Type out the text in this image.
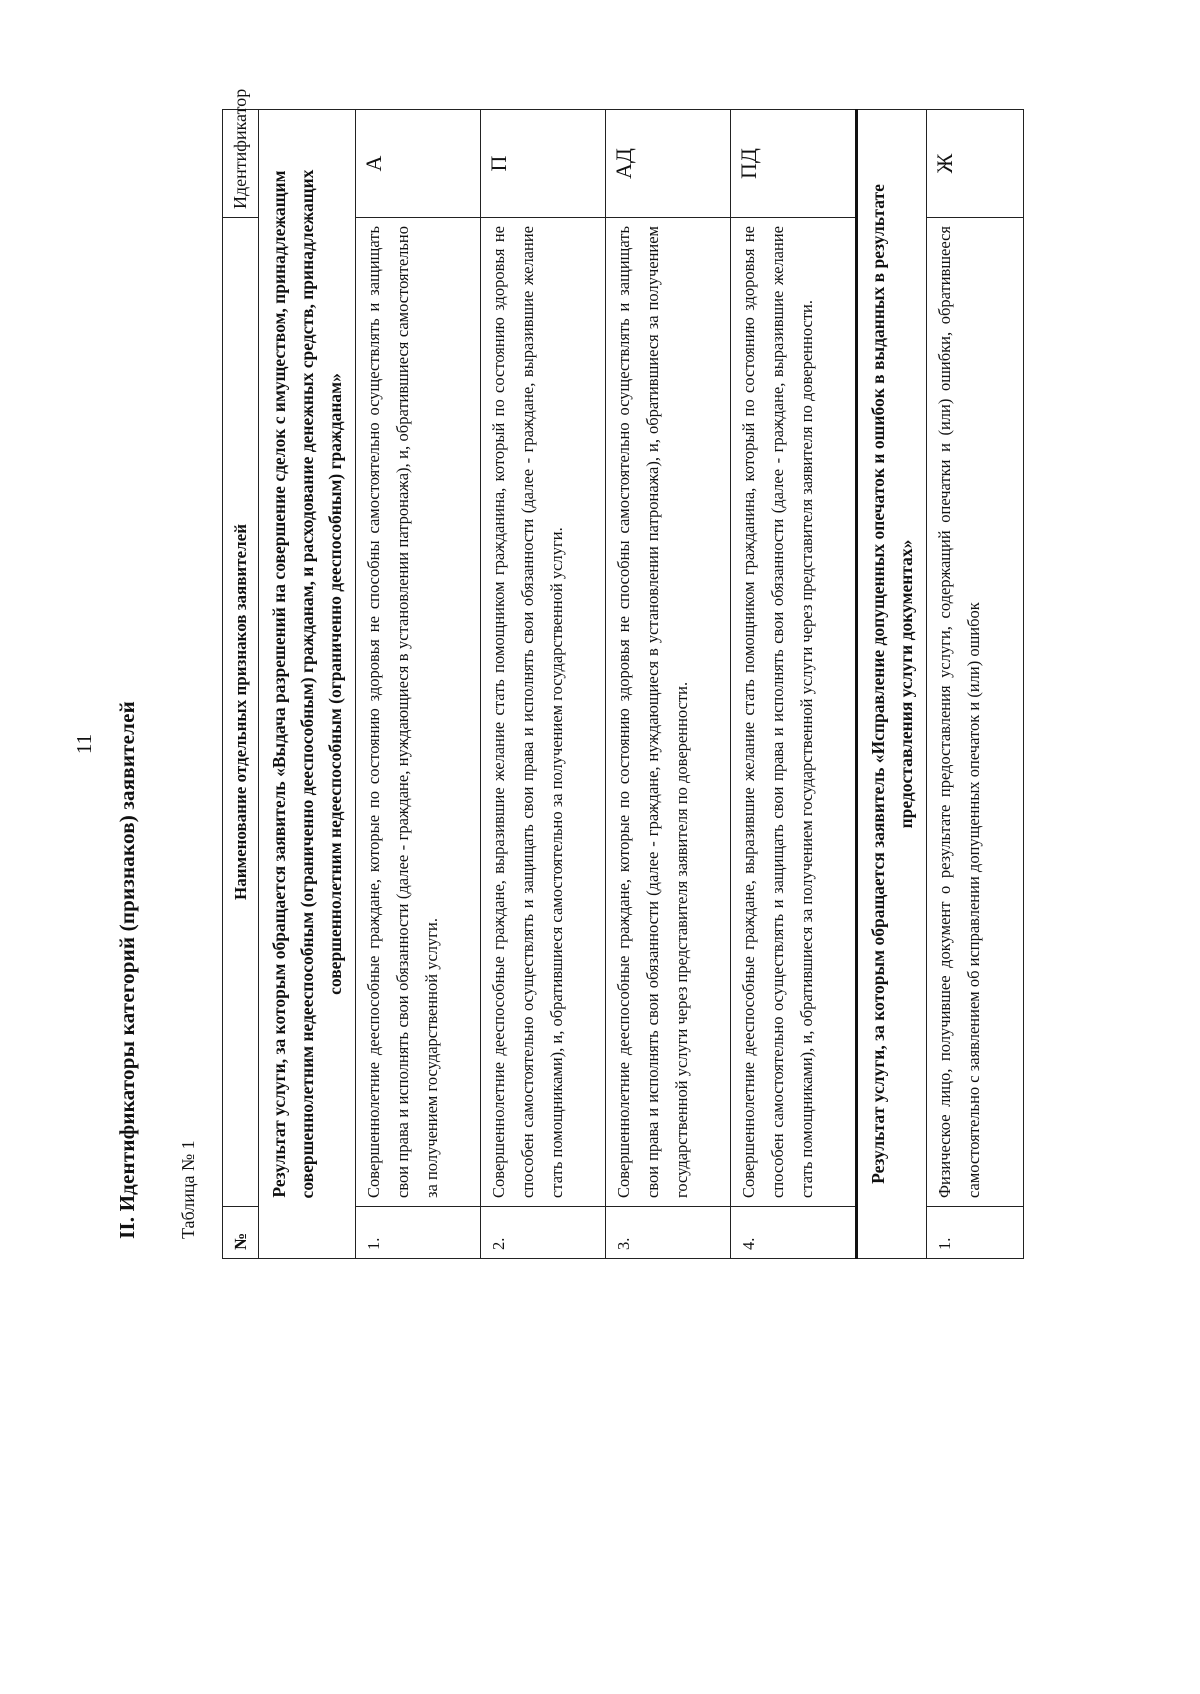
11 II. Идентификаторы категорий (признаков) заявителей Таблица № 1
№	Наименование отдельных признаков заявителей	Идентификатор
Результат услуги, за которым обращается заявитель «Выдача разрешений на совершение сделок с имуществом, принадлежащим совершеннолетним недееспособным (ограниченно дееспособным) гражданам, и расходование денежных средств, принадлежащих совершеннолетним недееспособным (ограниченно дееспособным) гражданам»		
1.	Совершеннолетние дееспособные граждане, которые по состоянию здоровья не способны самостоятельно осуществлять и защищать свои права и исполнять свои обязанности (далее - граждане, нуждающиеся в установлении патронажа), и, обратившиеся самостоятельно за получением государственной услуги.	А
2.	Совершеннолетние дееспособные граждане, выразившие желание стать помощником гражданина, который по состоянию здоровья не способен самостоятельно осуществлять и защищать свои права и исполнять свои обязанности (далее - граждане, выразившие желание стать помощниками), и, обратившиеся самостоятельно за получением государственной услуги.	П
3.	Совершеннолетние дееспособные граждане, которые по состоянию здоровья не способны самостоятельно осуществлять и защищать свои права и исполнять свои обязанности (далее - граждане, нуждающиеся в установлении патронажа), и, обратившиеся за получением государственной услуги через представителя заявителя по доверенности.	АД
4.	Совершеннолетние дееспособные граждане, выразившие желание стать помощником гражданина, который по состоянию здоровья не способен самостоятельно осуществлять и защищать свои права и исполнять свои обязанности (далее - граждане, выразившие желание стать помощниками), и, обратившиеся за получением государственной услуги через представителя заявителя по доверенности.	ПД
Результат услуги, за которым обращается заявитель «Исправление допущенных опечаток и ошибок в выданных в результате предоставления услуги документах»		
1.	Физическое лицо, получившее документ о результате предоставления услуги, содержащий опечатки и (или) ошибки, обратившееся самостоятельно с заявлением об исправлении допущенных опечаток и (или) ошибок	Ж
